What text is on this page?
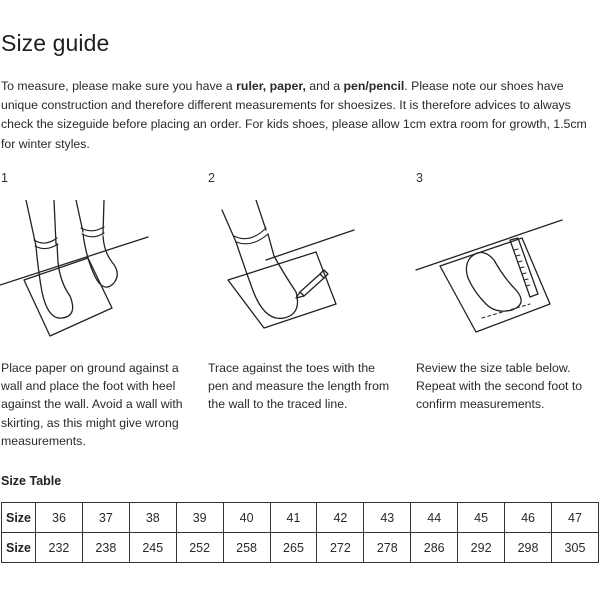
Size guide

To measure, please make sure you have a ruler, paper, and a pen/pencil. Please note our shoes have unique construction and therefore different measurements for shoesizes. It is therefore advices to always check the sizeguide before placing an order. For kids shoes, please allow 1cm extra room for growth, 1.5cm for winter styles.

1
Place paper on ground against a wall and place the foot with heel against the wall. Avoid a wall with skirting, as this might give wrong measurements.
2
Trace against the toes with the pen and measure the length from the wall to the traced line.
3
Review the size table below. Repeat with the second foot to confirm measurements.
Size Table
Size	36	37	38	39	40	41	42	43	44	45	46	47
Size	232	238	245	252	258	265	272	278	286	292	298	305
